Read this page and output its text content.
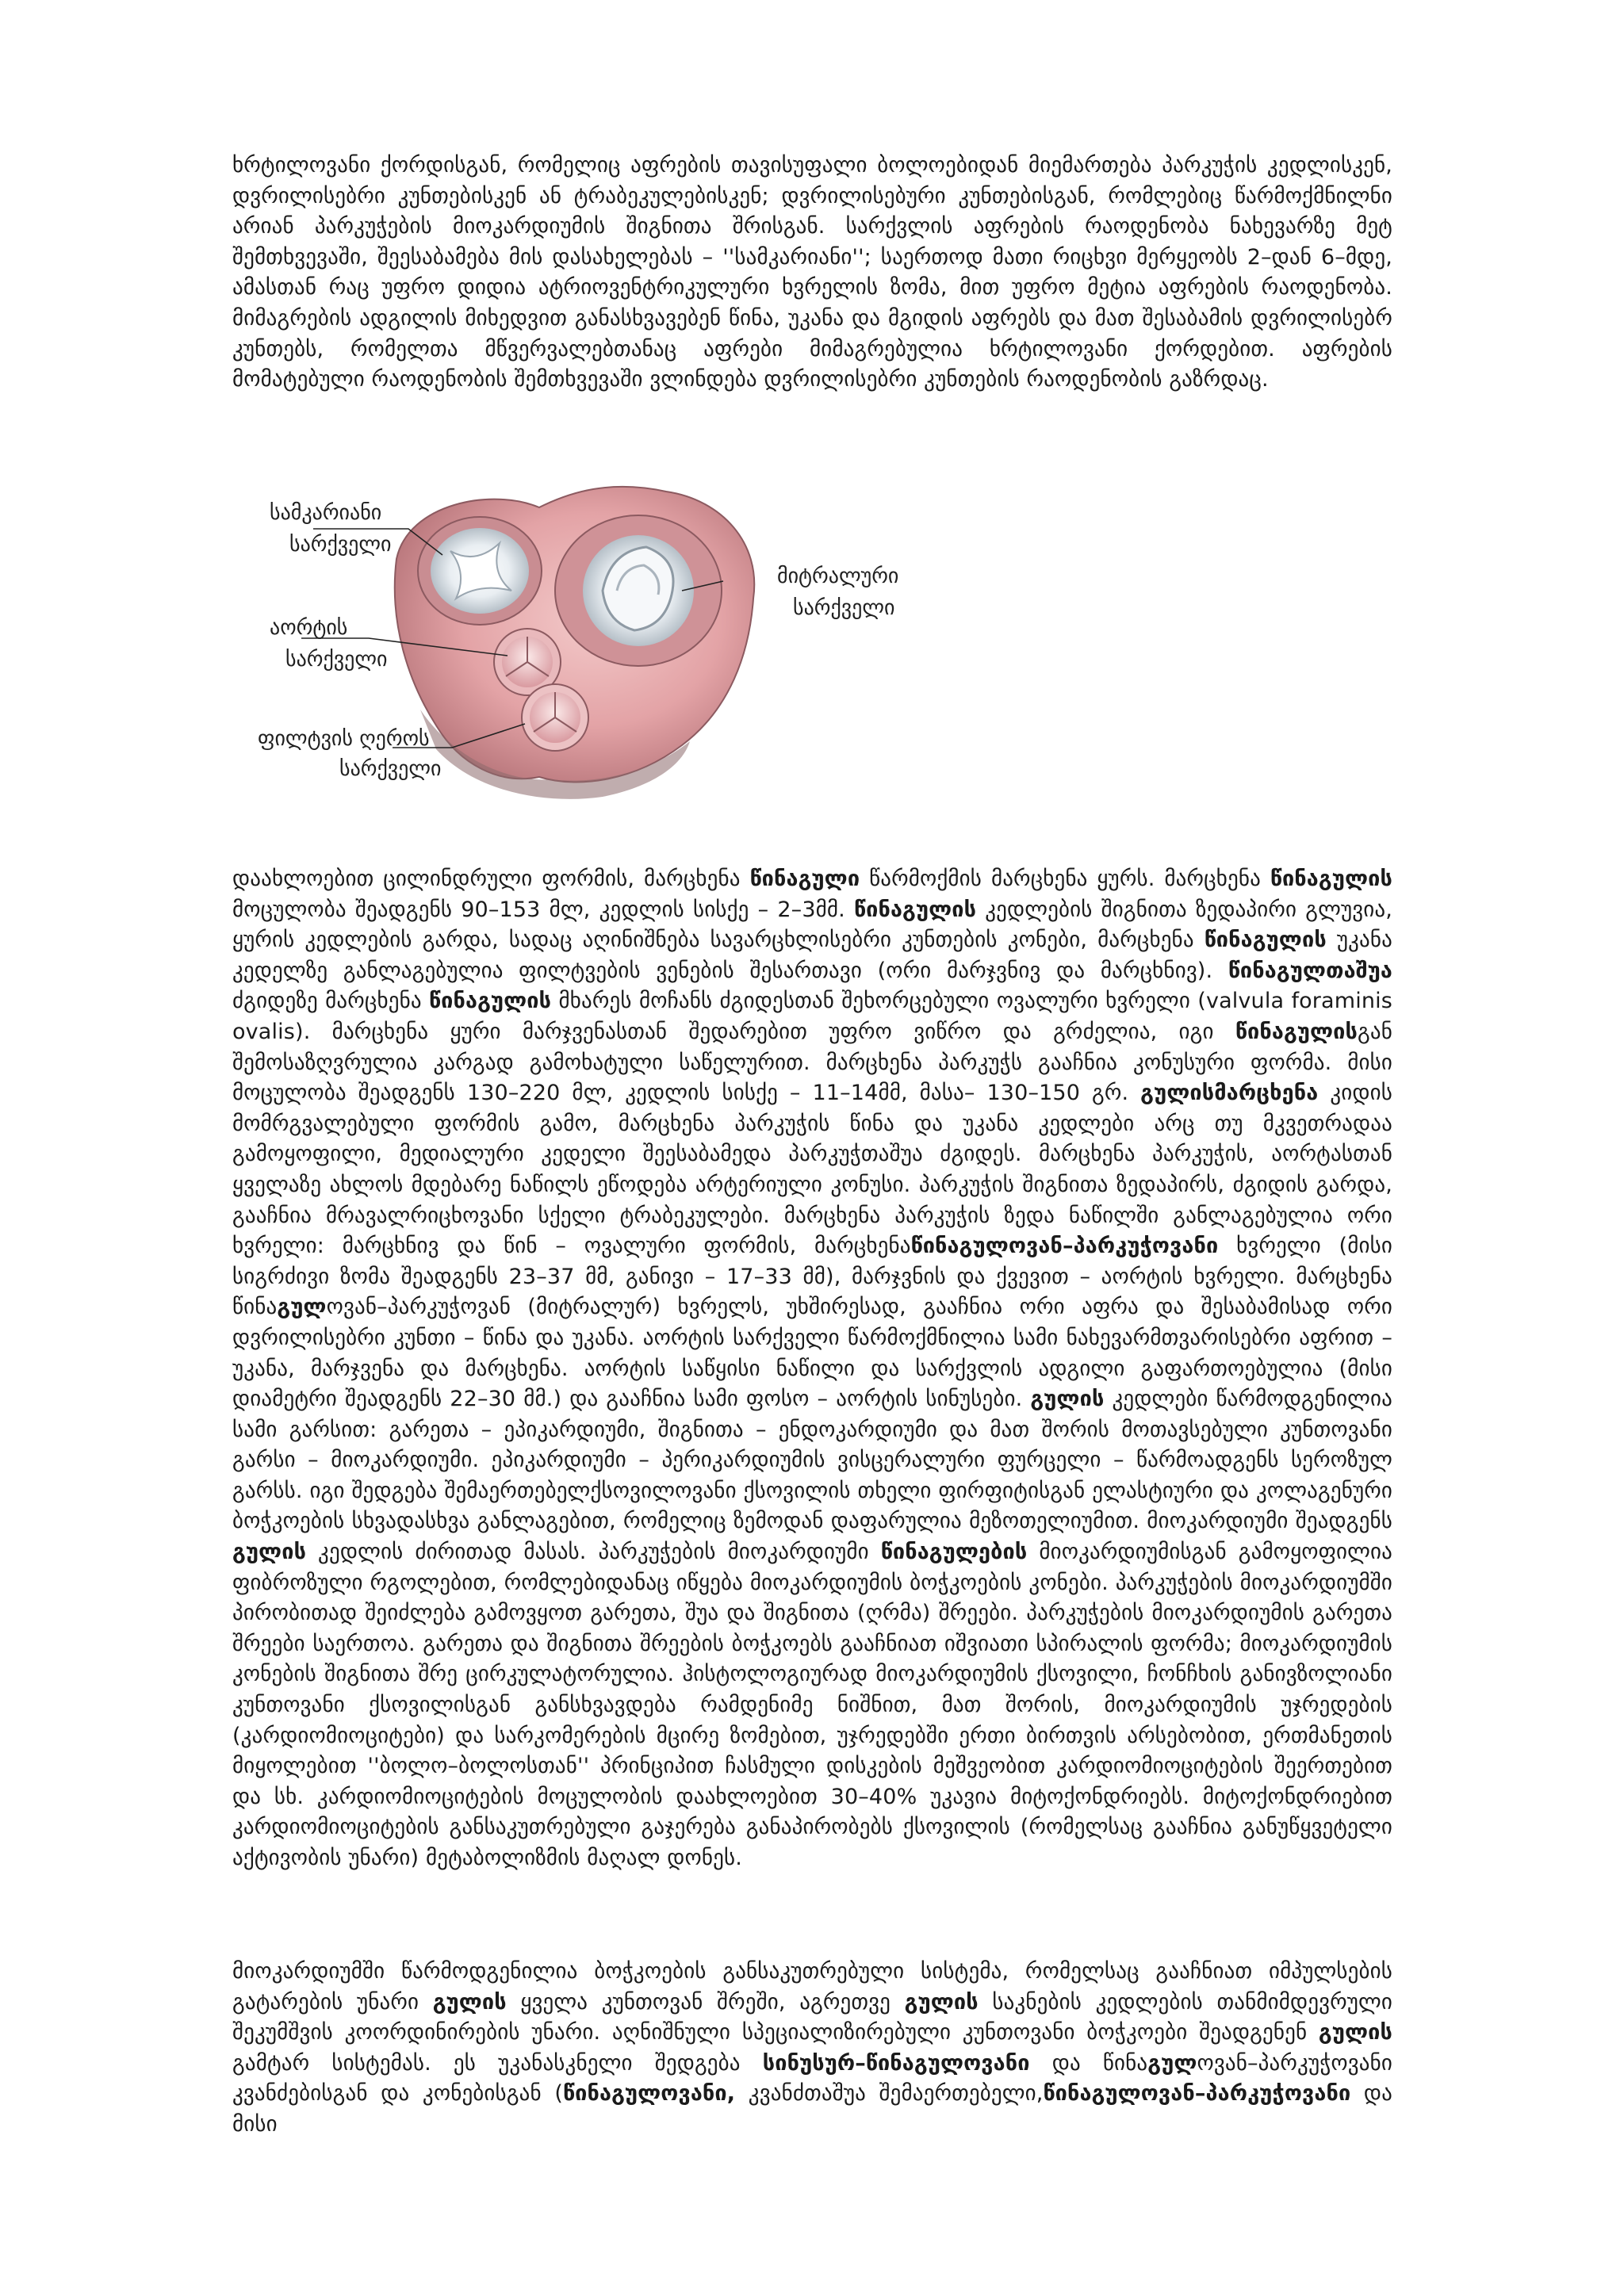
ხრტილოვანი ქორდისგან, რომელიც აფრების თავისუფალი ბოლოებიდან მიემართება პარკუჭის კედლისკენ, დვრილისებრი კუნთებისკენ ან ტრაბეკულებისკენ; დვრილისებური კუნთებისგან, რომლებიც წარმოქმნილნი არიან პარკუჭების მიოკარდიუმის შიგნითა შრისგან. სარქვლის აფრების რაოდენობა ნახევარზე მეტ შემთხვევაში, შეესაბამება მის დასახელებას – ''სამკარიანი''; საერთოდ მათი რიცხვი მერყეობს 2–დან 6–მდე, ამასთან რაც უფრო დიდია ატრიოვენტრიკულური ხვრელის ზომა, მით უფრო მეტია აფრების რაოდენობა. მიმაგრების ადგილის მიხედვით განასხვავებენ წინა, უკანა და მგიდის აფრებს და მათ შესაბამის დვრილისებრ კუნთებს, რომელთა მწვერვალებთანაც აფრები მიმაგრებულია ხრტილოვანი ქორდებით. აფრების მომატებული რაოდენობის შემთხვევაში ვლინდება დვრილისებრი კუნთების რაოდენობის გაზრდაც.

სამკარიანი
სარქველი
მიტრალური
სარქველი
აორტის
სარქველი
ფილტვის ღეროს
სარქველი

დაახლოებით ცილინდრული ფორმის, მარცხენა წინაგული წარმოქმის მარცხენა ყურს. მარცხენა წინაგულის მოცულობა შეადგენს 90–153 მლ, კედლის სისქე – 2–3მმ. წინაგულის კედლების შიგნითა ზედაპირი გლუვია, ყურის კედლების გარდა, სადაც აღინიშნება სავარცხლისებრი კუნთების კონები, მარცხენა წინაგულის უკანა კედელზე განლაგებულია ფილტვების ვენების შესართავი (ორი მარჯვნივ და მარცხნივ). წინაგულთაშუა ძგიდეზე მარცხენა წინაგულის მხარეს მოჩანს ძგიდესთან შეხორცებული ოვალური ხვრელი (valvula foraminis ovalis). მარცხენა ყური მარჯვენასთან შედარებით უფრო ვიწრო და გრძელია, იგი წინაგულისგან შემოსაზღვრულია კარგად გამოხატული საწელურით. მარცხენა პარკუჭს გააჩნია კონუსური ფორმა. მისი მოცულობა შეადგენს 130–220 მლ, კედლის სისქე – 11–14მმ, მასა– 130–150 გრ. გულისმარცხენა კიდის მომრგვალებული ფორმის გამო, მარცხენა პარკუჭის წინა და უკანა კედლები არც თუ მკვეთრადაა გამოყოფილი, მედიალური კედელი შეესაბამედა პარკუჭთაშუა ძგიდეს. მარცხენა პარკუჭის, აორტასთან ყველაზე ახლოს მდებარე ნაწილს ეწოდება არტერიული კონუსი. პარკუჭის შიგნითა ზედაპირს, ძგიდის გარდა, გააჩნია მრავალრიცხოვანი სქელი ტრაბეკულები. მარცხენა პარკუჭის ზედა ნაწილში განლაგებულია ორი ხვრელი: მარცხნივ და წინ – ოვალური ფორმის, მარცხენაწინაგულოვან–პარკუჭოვანი ხვრელი (მისი სიგრძივი ზომა შეადგენს 23–37 მმ, განივი – 17–33 მმ), მარჯვნის და ქვევით – აორტის ხვრელი. მარცხენა წინაგულოვან–პარკუჭოვან (მიტრალურ) ხვრელს, უხშირესად, გააჩნია ორი აფრა და შესაბამისად ორი დვრილისებრი კუნთი – წინა და უკანა. აორტის სარქველი წარმოქმნილია სამი ნახევარმთვარისებრი აფრით – უკანა, მარჯვენა და მარცხენა. აორტის საწყისი ნაწილი და სარქვლის ადგილი გაფართოებულია (მისი დიამეტრი შეადგენს 22–30 მმ.) და გააჩნია სამი ფოსო – აორტის სინუსები. გულის კედლები წარმოდგენილია სამი გარსით: გარეთა – ეპიკარდიუმი, შიგნითა – ენდოკარდიუმი და მათ შორის მოთავსებული კუნთოვანი გარსი – მიოკარდიუმი. ეპიკარდიუმი – პერიკარდიუმის ვისცერალური ფურცელი – წარმოადგენს სეროზულ გარსს. იგი შედგება შემაერთებელქსოვილოვანი ქსოვილის თხელი ფირფიტისგან ელასტიური და კოლაგენური ბოჭკოების სხვადასხვა განლაგებით, რომელიც ზემოდან დაფარულია მეზოთელიუმით. მიოკარდიუმი შეადგენს გულის კედლის ძირითად მასას. პარკუჭების მიოკარდიუმი წინაგულების მიოკარდიუმისგან გამოყოფილია ფიბროზული რგოლებით, რომლებიდანაც იწყება მიოკარდიუმის ბოჭკოების კონები. პარკუჭების მიოკარდიუმში პირობითად შეიძლება გამოვყოთ გარეთა, შუა და შიგნითა (ღრმა) შრეები. პარკუჭების მიოკარდიუმის გარეთა შრეები საერთოა. გარეთა და შიგნითა შრეების ბოჭკოებს გააჩნიათ იშვიათი სპირალის ფორმა; მიოკარდიუმის კონების შიგნითა შრე ცირკულატორულია. ჰისტოლოგიურად მიოკარდიუმის ქსოვილი, ჩონჩხის განივზოლიანი კუნთოვანი ქსოვილისგან განსხვავდება რამდენიმე ნიშნით, მათ შორის, მიოკარდიუმის უჯრედების (კარდიომიოციტები) და სარკომერების მცირე ზომებით, უჯრედებში ერთი ბირთვის არსებობით, ერთმანეთის მიყოლებით ''ბოლო–ბოლოსთან'' პრინციპით ჩასმული დისკების მეშვეობით კარდიომიოციტების შეერთებით და სხ. კარდიომიოციტების მოცულობის დაახლოებით 30–40% უკავია მიტოქონდრიებს. მიტოქონდრიებით კარდიომიოციტების განსაკუთრებული გაჯერება განაპირობებს ქსოვილის (რომელსაც გააჩნია განუწყვეტელი აქტივობის უნარი) მეტაბოლიზმის მაღალ დონეს.

მიოკარდიუმში წარმოდგენილია ბოჭკოების განსაკუთრებული სისტემა, რომელსაც გააჩნიათ იმპულსების გატარების უნარი გულის ყველა კუნთოვან შრეში, აგრეთვე გულის საკნების კედლების თანმიმდევრული შეკუმშვის კოორდინირების უნარი. აღნიშნული სპეციალიზირებული კუნთოვანი ბოჭკოები შეადგენენ გულის გამტარ სისტემას. ეს უკანასკნელი შედგება სინუსურ–წინაგულოვანი და წინაგულოვან–პარკუჭოვანი კვანძებისგან და კონებისგან (წინაგულოვანი, კვანძთაშუა შემაერთებელი,წინაგულოვან–პარკუჭოვანი და მისი
